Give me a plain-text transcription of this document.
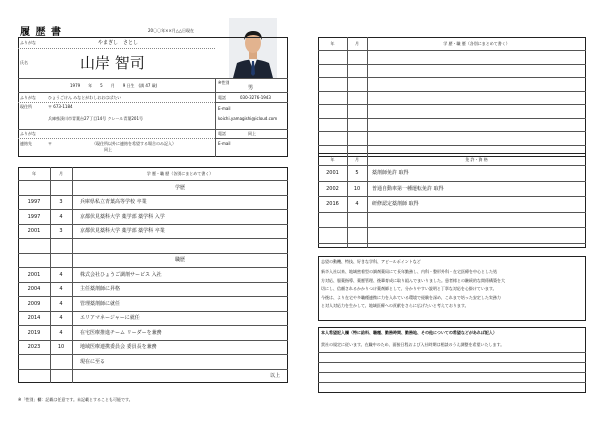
履 歴 書	20〇〇年××月△△日現在
ふりがな	やまぎし　さとし
氏名	山岸 智司
1979　　年　　5　　月　　9 日生　(満 47 歳)
※性別
男
ふりがな	ひょうごけん みなとがわしおおはばたい
現住所	〒 673-1184
兵庫県湊川市青葉台27丁目14号 クレール青葉201号
電話	030-3276-1943
E-mail
koichi.yamagishi@icloud.com
ふりがな
連絡先	〒	（現住所以外に連絡を希望する場合のみ記入）
同上
電話	同上
E-mail
年	月	学 歴・職 歴（各別にまとめて書く）
学歴
1997	3	兵庫県私立青葉高等学校 卒業
1997	4	京都伏見薬科大学 薬学部 薬学科 入学
2001	3	京都伏見薬科大学 薬学部 薬学科 卒業
職歴
2001	4	株式会社ひょうご調剤サービス 入社
2004	4	主任薬剤師に昇格
2009	4	管理薬剤師に就任
2014	4	エリアマネージャーに就任
2019	4	在宅医療推進チーム リーダーを兼務
2023	10	地域医療連携委員会 委員長を兼務
現在に至る
以上
※「性別」欄：記載は任意です。未記載とすることも可能です。
年	月	学 歴・職 歴（各別にまとめて書く）
年	月	免 許・資 格
2001	5	薬剤師免許 取得
2002	10	普通自動車第一種運転免許 取得
2016	4	研修認定薬剤師 取得
志望の動機、特技、好きな学科、アピールポイントなど
新卒入社以来、地域密着型の調剤薬局にて長年勤務し、内科・整形外科・在宅医療を中心とした処
方対応、服薬指導、薬歴管理、後輩育成に取り組んでまいりました。患者様との継続的な関係構築を大
切にし、信頼されるかかりつけ薬剤師として、分かりやすい説明と丁寧な対応を心掛けています。
今後は、より在宅や多職種連携に力を入れている環境で経験を深め、これまで培った安定した実務力
と対人対応力を生かして、地域医療への貢献をさらに広げたいと考えております。
本人希望記入欄（特に給料、職種、勤務時間、勤務地、その他についての希望などがあれば記入）
貴社の規定に従います。在職中のため、面接日程および入社時期は相談のうえ調整を希望いたします。
